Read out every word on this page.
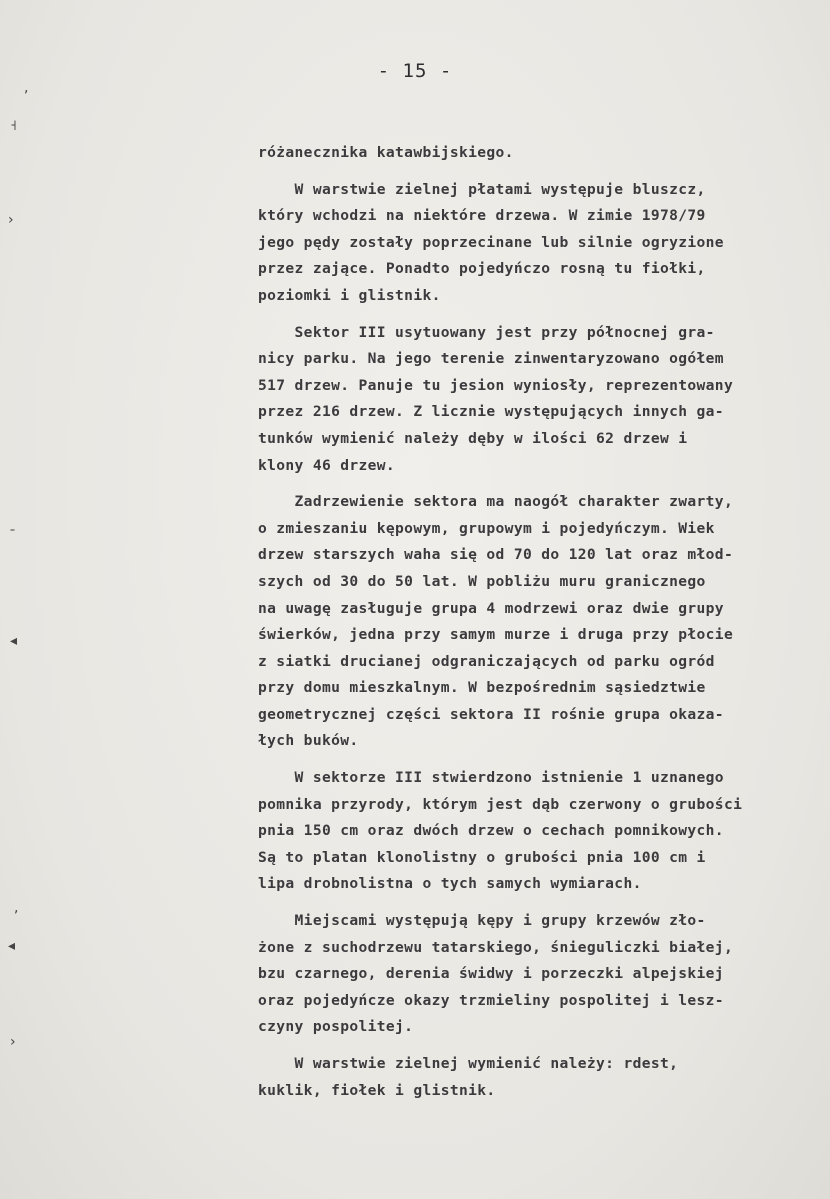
,
˧
›
ˉ
◂
,
◂
›
- 15 -

różanecznika katawbijskiego.

W warstwie zielnej płatami występuje bluszcz,
który wchodzi na niektóre drzewa. W zimie 1978/79
jego pędy zostały poprzecinane lub silnie ogryzione
przez zające. Ponadto pojedyńczo rosną tu fiołki,
poziomki i glistnik.

Sektor III usytuowany jest przy północnej gra-
nicy parku. Na jego terenie zinwentaryzowano ogółem
517 drzew. Panuje tu jesion wyniosły, reprezentowany
przez 216 drzew. Z licznie występujących innych ga-
tunków wymienić należy dęby w ilości 62 drzew i
klony 46 drzew.

Zadrzewienie sektora ma naogół charakter zwarty,
o zmieszaniu kępowym, grupowym i pojedyńczym. Wiek
drzew starszych waha się od 70 do 120 lat oraz młod-
szych od 30 do 50 lat. W pobliżu muru granicznego
na uwagę zasługuje grupa 4 modrzewi oraz dwie grupy
świerków, jedna przy samym murze i druga przy płocie
z siatki drucianej odgraniczających od parku ogród
przy domu mieszkalnym. W bezpośrednim sąsiedztwie
geometrycznej części sektora II rośnie grupa okaza-
łych buków.

W sektorze III stwierdzono istnienie 1 uznanego
pomnika przyrody, którym jest dąb czerwony o grubości
pnia 150 cm oraz dwóch drzew o cechach pomnikowych.
Są to platan klonolistny o grubości pnia 100 cm i
lipa drobnolistna o tych samych wymiarach.

Miejscami występują kępy i grupy krzewów zło-
żone z suchodrzewu tatarskiego, śnieguliczki białej,
bzu czarnego, derenia świdwy i porzeczki alpejskiej
oraz pojedyńcze okazy trzmieliny pospolitej i lesz-
czyny pospolitej.

W warstwie zielnej wymienić należy: rdest,
kuklik, fiołek i glistnik.
